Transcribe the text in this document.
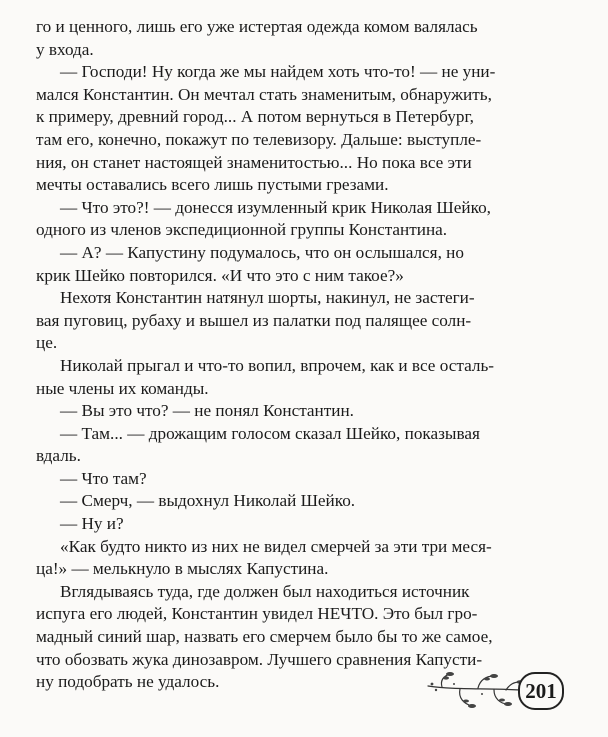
го и ценного, лишь его уже истертая одежда комом валялась
у входа.
— Господи! Ну когда же мы найдем хоть что-то! — не уни-
мался Константин. Он мечтал стать знаменитым, обнаружить,
к примеру, древний город... А потом вернуться в Петербург,
там его, конечно, покажут по телевизору. Дальше: выступле-
ния, он станет настоящей знаменитостью... Но пока все эти
мечты оставались всего лишь пустыми грезами.
— Что это?! — донесся изумленный крик Николая Шейко,
одного из членов экспедиционной группы Константина.
— А? — Капустину подумалось, что он ослышался, но
крик Шейко повторился. «И что это с ним такое?»
Нехотя Константин натянул шорты, накинул, не застеги-
вая пуговиц, рубаху и вышел из палатки под палящее солн-
це.
Николай прыгал и что-то вопил, впрочем, как и все осталь-
ные члены их команды.
— Вы это что? — не понял Константин.
— Там... — дрожащим голосом сказал Шейко, показывая
вдаль.
— Что там?
— Смерч, — выдохнул Николай Шейко.
— Ну и?
«Как будто никто из них не видел смерчей за эти три меся-
ца!» — мелькнуло в мыслях Капустина.
Вглядываясь туда, где должен был находиться источник
испуга его людей, Константин увидел НЕЧТО. Это был гро-
мадный синий шар, назвать его смерчем было бы то же самое,
что обозвать жука динозавром. Лучшего сравнения Капусти-
ну подобрать не удалось.	201
